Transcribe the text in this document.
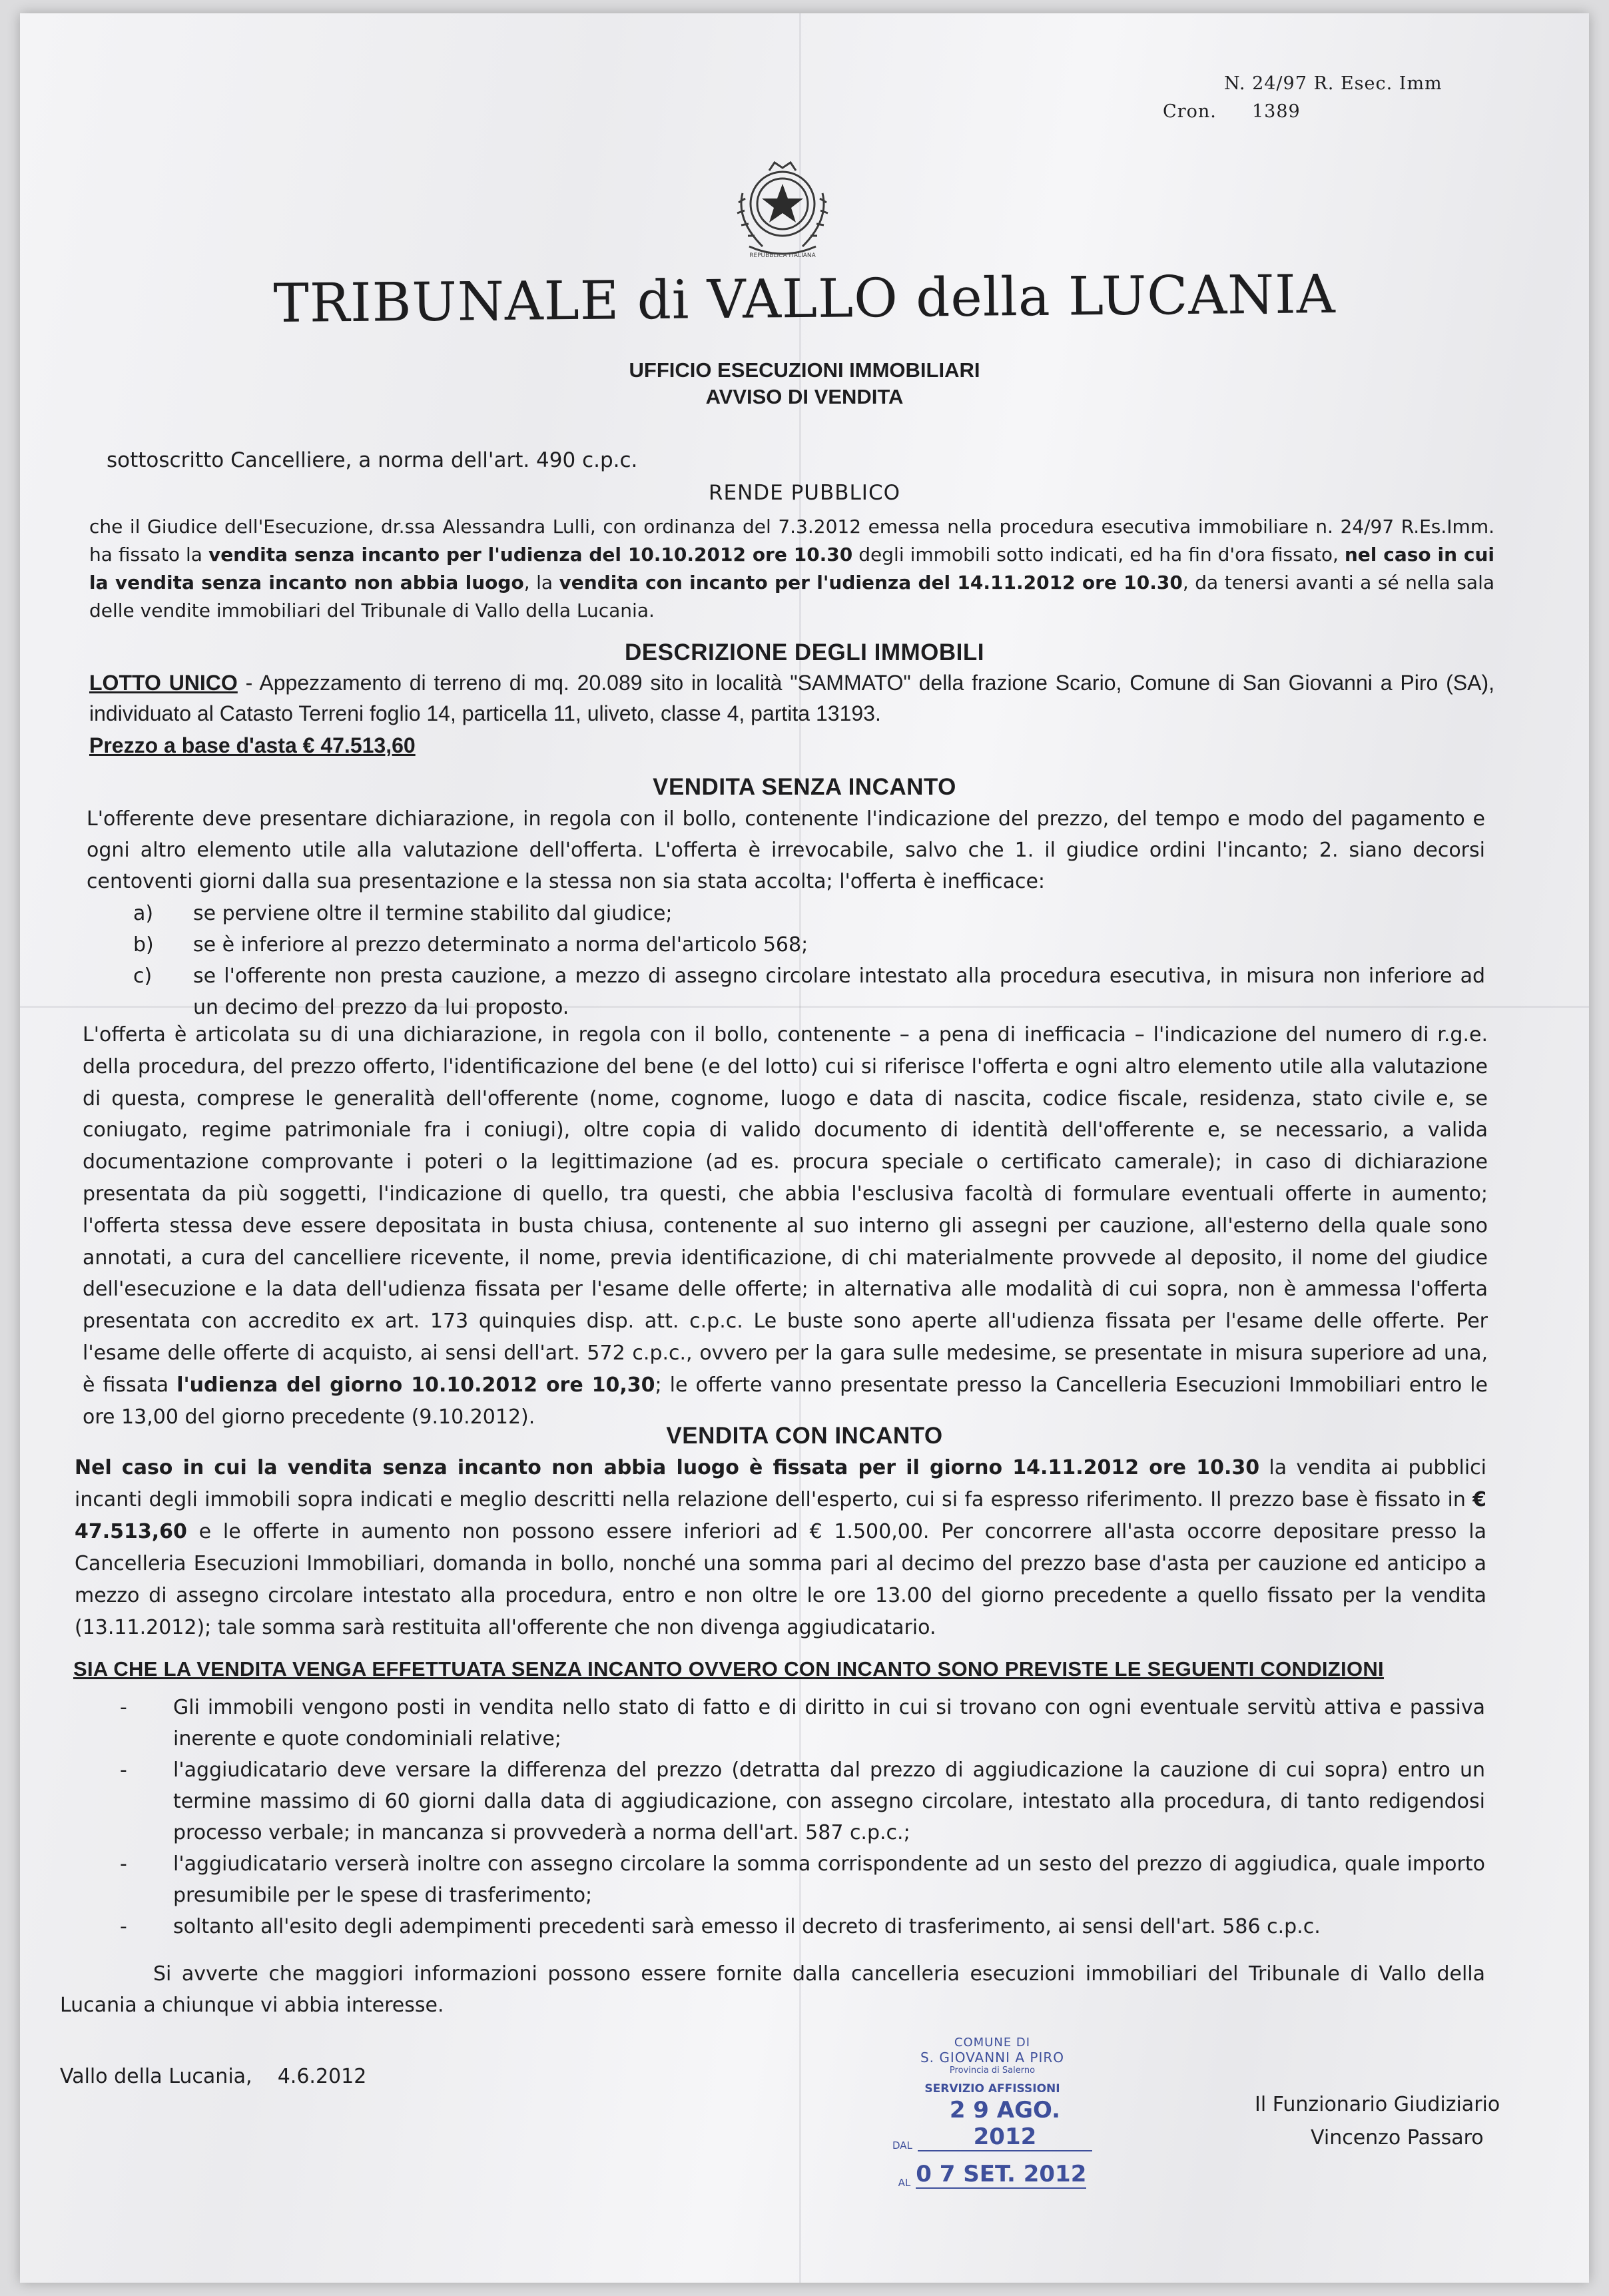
N. 24/97 R. Esec. Imm
Cron. 1389
REPUBBLICA ITALIANA
TRIBUNALE di VALLO della LUCANIA
UFFICIO ESECUZIONI IMMOBILIARI
AVVISO DI VENDITA
sottoscritto Cancelliere, a norma dell'art. 490 c.p.c.
RENDE PUBBLICO
che il Giudice dell'Esecuzione, dr.ssa Alessandra Lulli, con ordinanza del 7.3.2012 emessa nella procedura esecutiva immobiliare n. 24/97 R.Es.Imm. ha fissato la vendita senza incanto per l'udienza del 10.10.2012 ore 10.30 degli immobili sotto indicati, ed ha fin d'ora fissato, nel caso in cui la vendita senza incanto non abbia luogo, la vendita con incanto per l'udienza del 14.11.2012 ore 10.30, da tenersi avanti a sé nella sala delle vendite immobiliari del Tribunale di Vallo della Lucania.
DESCRIZIONE DEGLI IMMOBILI
LOTTO UNICO - Appezzamento di terreno di mq. 20.089 sito in località "SAMMATO" della frazione Scario, Comune di San Giovanni a Piro (SA), individuato al Catasto Terreni foglio 14, particella 11, uliveto, classe 4, partita 13193.
Prezzo a base d'asta € 47.513,60
VENDITA SENZA INCANTO
L'offerente deve presentare dichiarazione, in regola con il bollo, contenente l'indicazione del prezzo, del tempo e modo del pagamento e ogni altro elemento utile alla valutazione dell'offerta. L'offerta è irrevocabile, salvo che 1. il giudice ordini l'incanto; 2. siano decorsi centoventi giorni dalla sua presentazione e la stessa non sia stata accolta; l'offerta è inefficace:
a)	se perviene oltre il termine stabilito dal giudice;
b)	se è inferiore al prezzo determinato a norma del'articolo 568;
c)	se l'offerente non presta cauzione, a mezzo di assegno circolare intestato alla procedura esecutiva, in misura non inferiore ad un decimo del prezzo da lui proposto.
L'offerta è articolata su di una dichiarazione, in regola con il bollo, contenente – a pena di inefficacia – l'indicazione del numero di r.g.e. della procedura, del prezzo offerto, l'identificazione del bene (e del lotto) cui si riferisce l'offerta e ogni altro elemento utile alla valutazione di questa, comprese le generalità dell'offerente (nome, cognome, luogo e data di nascita, codice fiscale, residenza, stato civile e, se coniugato, regime patrimoniale fra i coniugi), oltre copia di valido documento di identità dell'offerente e, se necessario, a valida documentazione comprovante i poteri o la legittimazione (ad es. procura speciale o certificato camerale); in caso di dichiarazione presentata da più soggetti, l'indicazione di quello, tra questi, che abbia l'esclusiva facoltà di formulare eventuali offerte in aumento; l'offerta stessa deve essere depositata in busta chiusa, contenente al suo interno gli assegni per cauzione, all'esterno della quale sono annotati, a cura del cancelliere ricevente, il nome, previa identificazione, di chi materialmente provvede al deposito, il nome del giudice dell'esecuzione e la data dell'udienza fissata per l'esame delle offerte; in alternativa alle modalità di cui sopra, non è ammessa l'offerta presentata con accredito ex art. 173 quinquies disp. att. c.p.c. Le buste sono aperte all'udienza fissata per l'esame delle offerte. Per l'esame delle offerte di acquisto, ai sensi dell'art. 572 c.p.c., ovvero per la gara sulle medesime, se presentate in misura superiore ad una, è fissata l'udienza del giorno 10.10.2012 ore 10,30; le offerte vanno presentate presso la Cancelleria Esecuzioni Immobiliari entro le ore 13,00 del giorno precedente (9.10.2012).
VENDITA CON INCANTO
Nel caso in cui la vendita senza incanto non abbia luogo è fissata per il giorno 14.11.2012 ore 10.30 la vendita ai pubblici incanti degli immobili sopra indicati e meglio descritti nella relazione dell'esperto, cui si fa espresso riferimento. Il prezzo base è fissato in € 47.513,60 e le offerte in aumento non possono essere inferiori ad € 1.500,00. Per concorrere all'asta occorre depositare presso la Cancelleria Esecuzioni Immobiliari, domanda in bollo, nonché una somma pari al decimo del prezzo base d'asta per cauzione ed anticipo a mezzo di assegno circolare intestato alla procedura, entro e non oltre le ore 13.00 del giorno precedente a quello fissato per la vendita (13.11.2012); tale somma sarà restituita all'offerente che non divenga aggiudicatario.
SIA CHE LA VENDITA VENGA EFFETTUATA SENZA INCANTO OVVERO CON INCANTO SONO PREVISTE LE SEGUENTI CONDIZIONI
-	Gli immobili vengono posti in vendita nello stato di fatto e di diritto in cui si trovano con ogni eventuale servitù attiva e passiva inerente e quote condominiali relative;
-	l'aggiudicatario deve versare la differenza del prezzo (detratta dal prezzo di aggiudicazione la cauzione di cui sopra) entro un termine massimo di 60 giorni dalla data di aggiudicazione, con assegno circolare, intestato alla procedura, di tanto redigendosi processo verbale; in mancanza si provvederà a norma dell'art. 587 c.p.c.;
-	l'aggiudicatario verserà inoltre con assegno circolare la somma corrispondente ad un sesto del prezzo di aggiudica, quale importo presumibile per le spese di trasferimento;
-	soltanto all'esito degli adempimenti precedenti sarà emesso il decreto di trasferimento, ai sensi dell'art. 586 c.p.c.
Si avverte che maggiori informazioni possono essere fornite dalla cancelleria esecuzioni immobiliari del Tribunale di Vallo della Lucania a chiunque vi abbia interesse.
Vallo della Lucania,    4.6.2012
Il Funzionario Giudiziario
Vincenzo Passaro
COMUNE DI
S. GIOVANNI A PIRO
Provincia di Salerno
SERVIZIO AFFISSIONI
DAL
2 9 AGO. 2012
AL 0 7 SET. 2012
